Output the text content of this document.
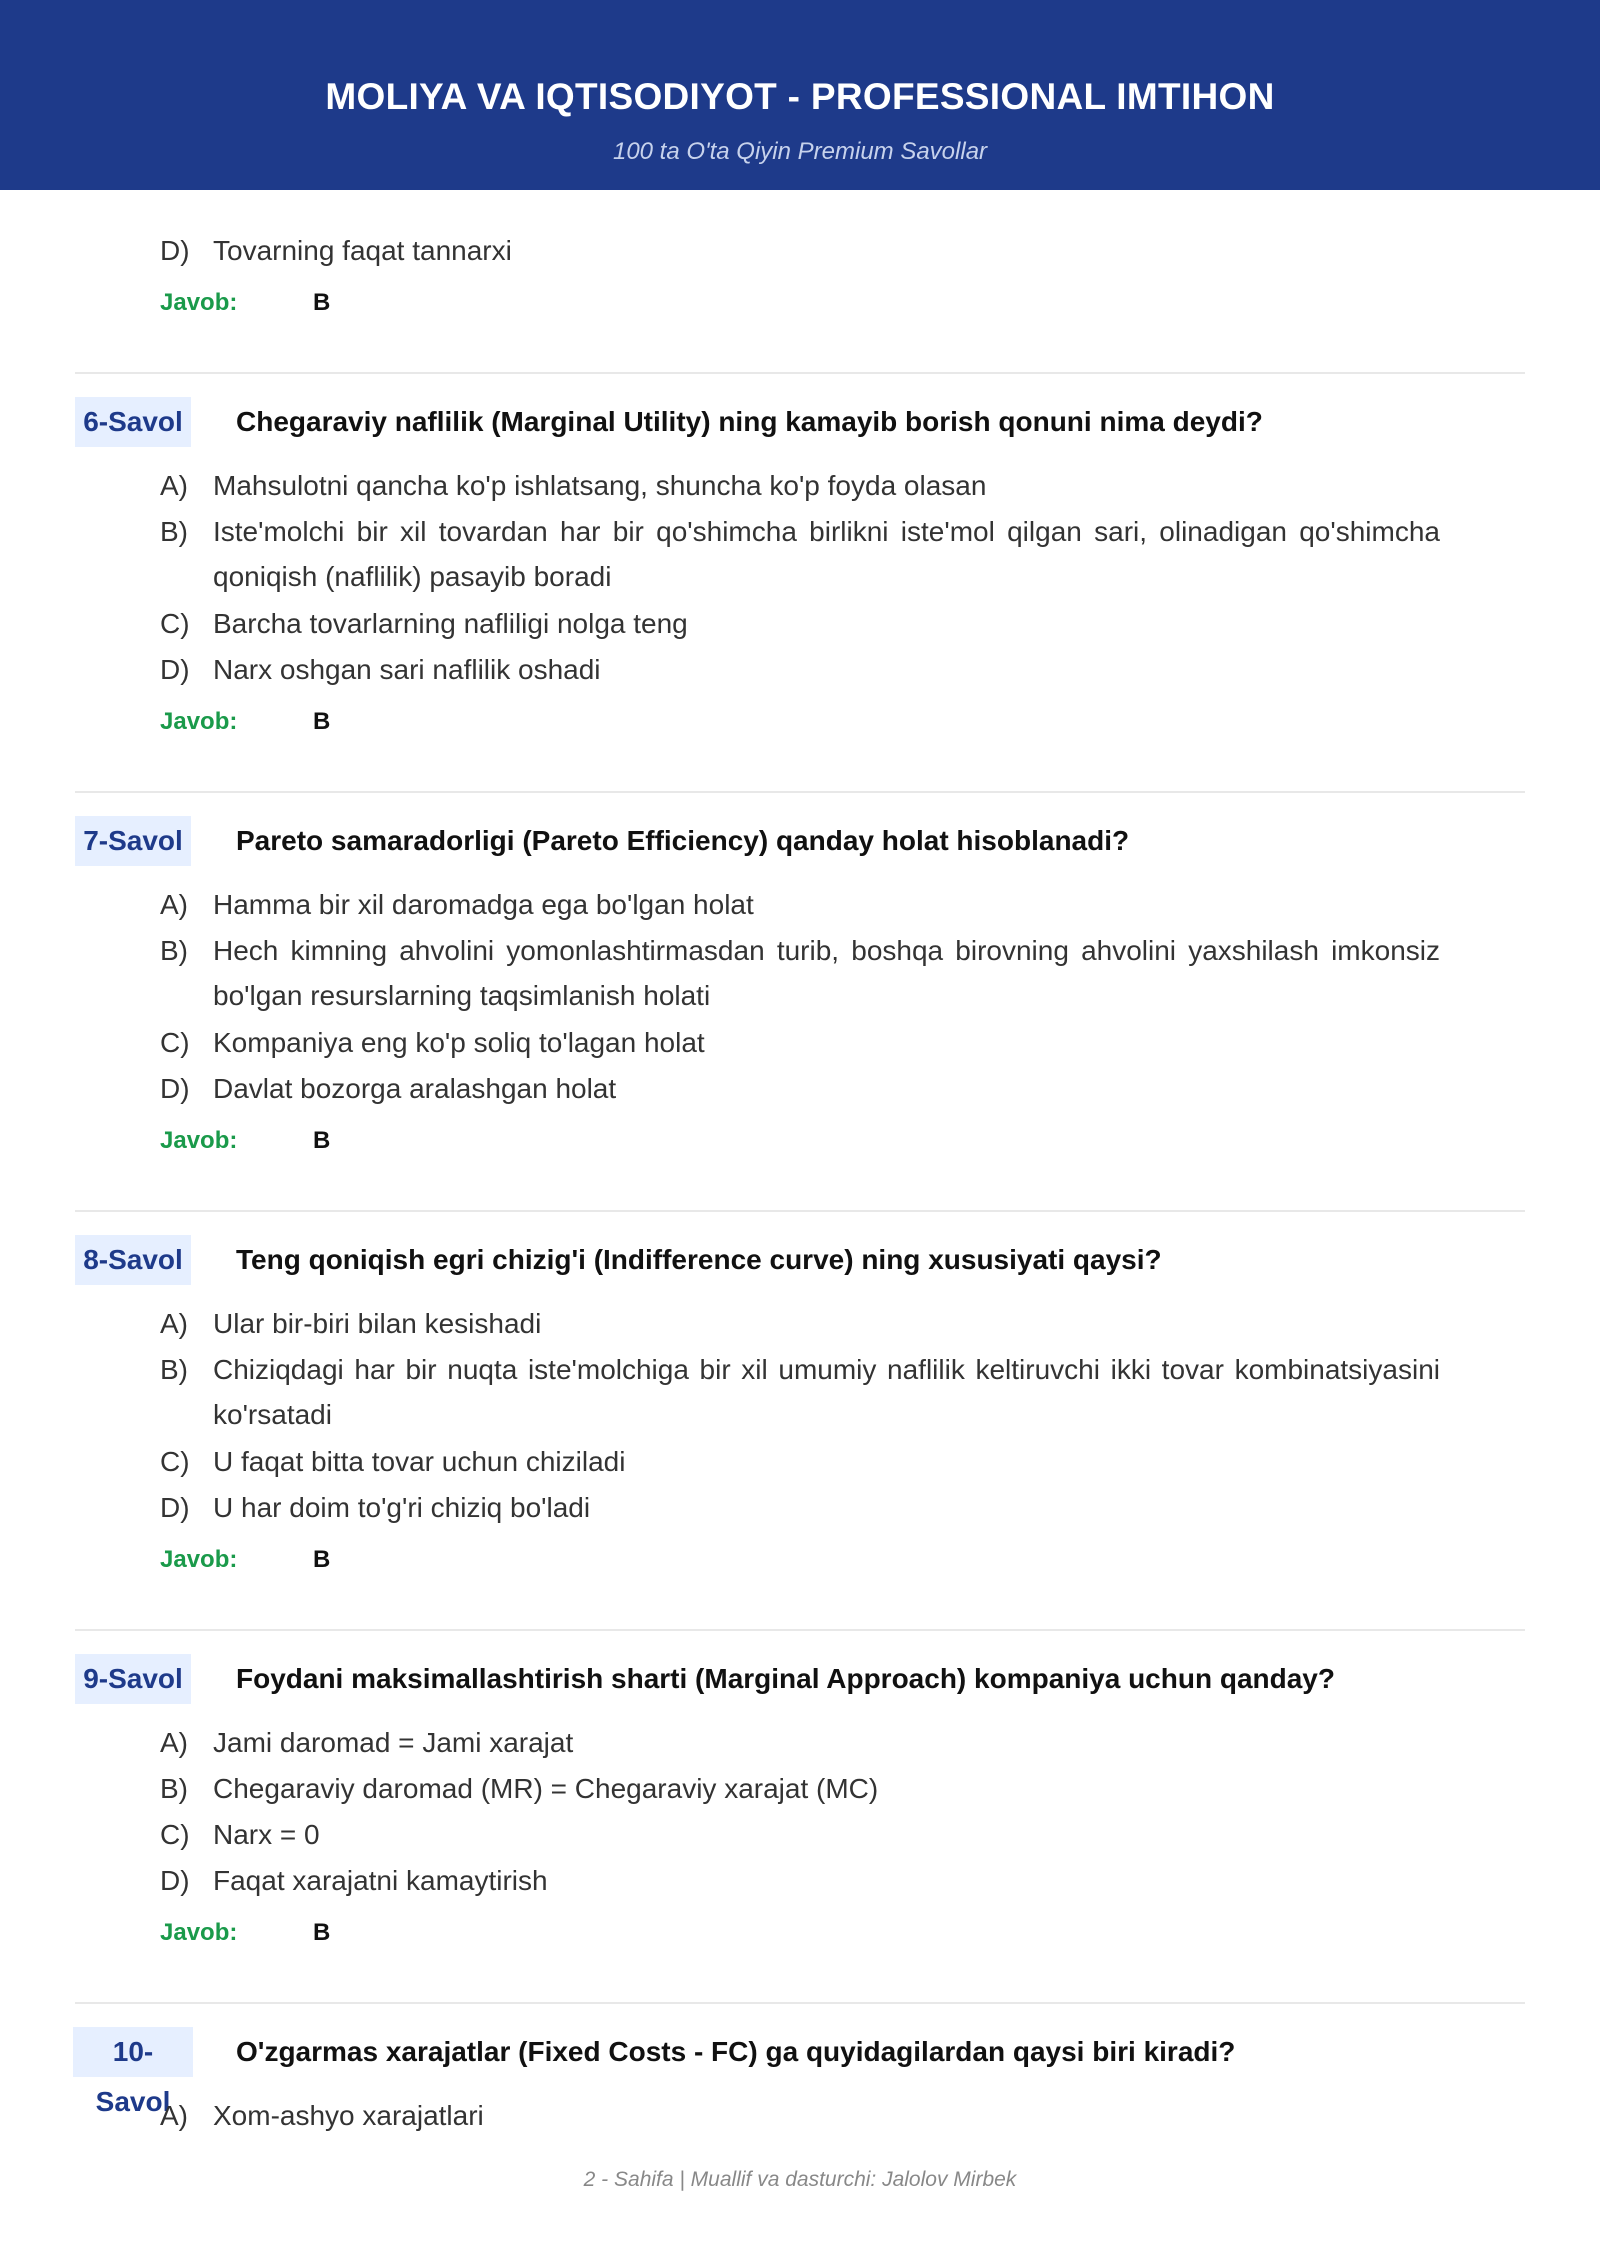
MOLIYA VA IQTISODIYOT - PROFESSIONAL IMTIHON
100 ta O'ta Qiyin Premium Savollar
D) Tovarning faqat tannarxi
Javob:	B
6-Savol Chegaraviy naflilik (Marginal Utility) ning kamayib borish qonuni nima deydi?
A) Mahsulotni qancha ko'p ishlatsang, shuncha ko'p foyda olasan
B) Iste'molchi bir xil tovardan har bir qo'shimcha birlikni iste'mol qilgan sari, olinadigan qo'shimcha qoniqish (naflilik) pasayib boradi
C) Barcha tovarlarning nafliligi nolga teng
D) Narx oshgan sari naflilik oshadi
Javob:	B
7-Savol Pareto samaradorligi (Pareto Efficiency) qanday holat hisoblanadi?
A) Hamma bir xil daromadga ega bo'lgan holat
B) Hech kimning ahvolini yomonlashtirmasdan turib, boshqa birovning ahvolini yaxshilash imkonsiz bo'lgan resurslarning taqsimlanish holati
C) Kompaniya eng ko'p soliq to'lagan holat
D) Davlat bozorga aralashgan holat
Javob:	B
8-Savol Teng qoniqish egri chizig'i (Indifference curve) ning xususiyati qaysi?
A) Ular bir-biri bilan kesishadi
B) Chiziqdagi har bir nuqta iste'molchiga bir xil umumiy naflilik keltiruvchi ikki tovar kombinatsiyasini ko'rsatadi
C) U faqat bitta tovar uchun chiziladi
D) U har doim to'g'ri chiziq bo'ladi
Javob:	B
9-Savol Foydani maksimallashtirish sharti (Marginal Approach) kompaniya uchun qanday?
A) Jami daromad = Jami xarajat
B) Chegaraviy daromad (MR) = Chegaraviy xarajat (MC)
C) Narx = 0
D) Faqat xarajatni kamaytirish
Javob:	B
10-Savol
O'zgarmas xarajatlar (Fixed Costs - FC) ga quyidagilardan qaysi biri kiradi?
A) Xom-ashyo xarajatlari
2 - Sahifa | Muallif va dasturchi: Jalolov Mirbek
